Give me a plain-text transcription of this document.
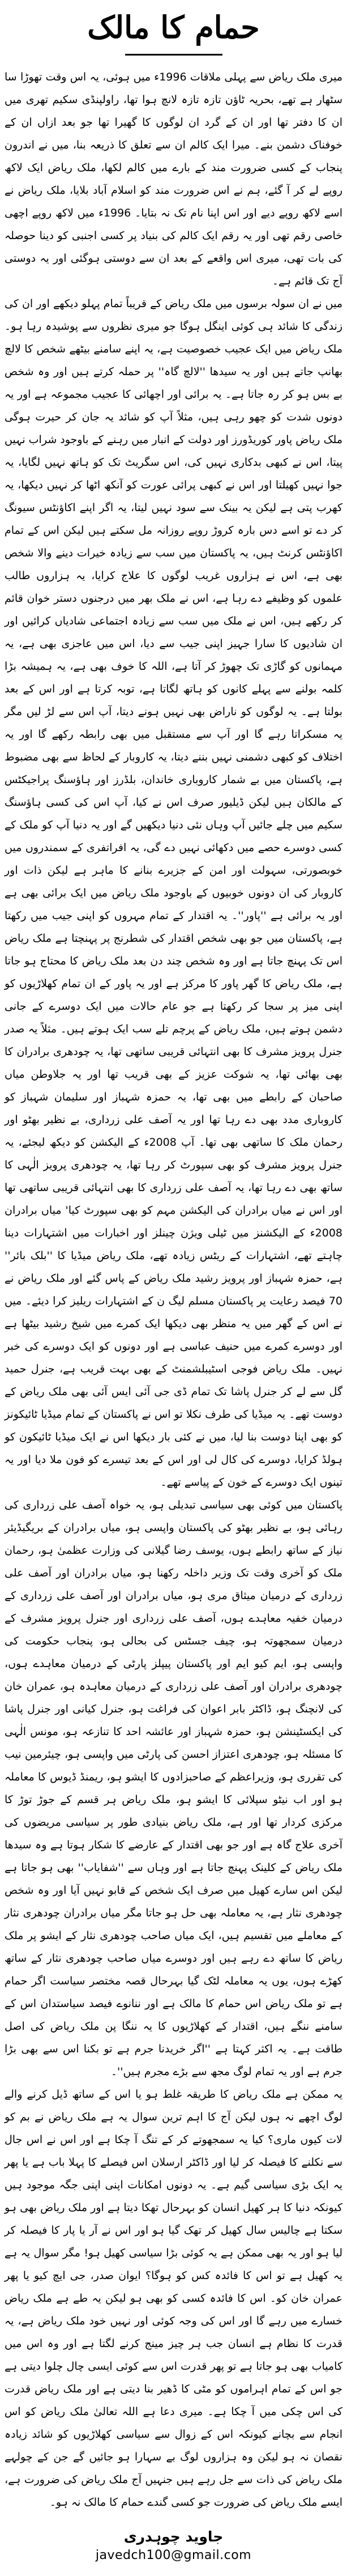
حمام کا مالک

میری ملک ریاض سے پہلی ملاقات 1996ء میں ہوئی، یہ اس وقت تھوڑا سا سٹھار ہے تھے، بحریہ ٹاؤن تازہ تازہ لانچ ہوا تھا، راولپنڈی سکیم تھری میں ان کا دفتر تھا اور ان کے گرد ان لوگوں کا گھیرا تھا جو بعد ازاں ان کے خوفناک دشمن بنے۔ میرا ایک کالم ان سے تعلق کا ذریعہ بنا، میں نے اندرون پنجاب کے کسی ضرورت مند کے بارے میں کالم لکھا، ملک ریاض ایک لاکھ روپے لے کر آ گئے، ہم نے اس ضرورت مند کو اسلام آباد بلایا، ملک ریاض نے اسے لاکھ روپے دیے اور اس اپنا نام تک نہ بتایا۔ 1996ء میں لاکھ روپے اچھی خاصی رقم تھی اور یہ رقم ایک کالم کی بنیاد پر کسی اجنبی کو دینا حوصلہ کی بات تھی، میری اس واقعے کے بعد ان سے دوستی ہوگئی اور یہ دوستی آج تک قائم ہے۔

میں نے ان سولہ برسوں میں ملک ریاض کے قریباً تمام پہلو دیکھے اور ان کی زندگی کا شائد ہی کوئی اینگل ہوگا جو میری نظروں سے پوشیدہ رہا ہو۔ ملک ریاض میں ایک عجیب خصوصیت ہے، یہ اپنے سامنے بیٹھے شخص کا لالچ بھانپ جاتے ہیں اور یہ سیدھا ''لالچ گاہ'' پر حملہ کرتے ہیں اور وہ شخص بے بس ہو کر رہ جاتا ہے۔ یہ برائی اور اچھائی کا عجیب مجموعہ ہے اور یہ دونوں شدت کو چھو رہی ہیں، مثلاً آپ کو شائد یہ جان کر حیرت ہوگی ملک ریاض پاور کوریڈورز اور دولت کے انبار میں رہنے کے باوجود شراب نہیں پیتا، اس نے کبھی بدکاری نہیں کی، اس سگریٹ تک کو ہاتھ نہیں لگایا، یہ جوا نہیں کھیلتا اور اس نے کبھی پرائی عورت کو آنکھ اٹھا کر نہیں دیکھا، یہ کھرب پتی ہے لیکن یہ بینک سے سود نہیں لیتا، یہ اگر اپنے اکاؤنٹس سیونگ کر دے تو اسے دس بارہ کروڑ روپے روزانہ مل سکتے ہیں لیکن اس کے تمام اکاؤنٹس کرنٹ ہیں، یہ پاکستان میں سب سے زیادہ خیرات دینے والا شخص بھی ہے، اس نے ہزاروں غریب لوگوں کا علاج کرایا، یہ ہزاروں طالب علموں کو وظیفے دے رہا ہے، اس نے ملک بھر میں درجنوں دستر خوان قائم کر رکھے ہیں، اس نے ملک میں سب سے زیادہ اجتماعی شادیاں کرائیں اور ان شادیوں کا سارا جہیز اپنی جیب سے دیا، اس میں عاجزی بھی ہے، یہ مہمانوں کو گاڑی تک چھوڑ کر آتا ہے، اللہ کا خوف بھی ہے، یہ ہمیشہ بڑا کلمہ بولنے سے پہلے کانوں کو ہاتھ لگاتا ہے، توبہ کرتا ہے اور اس کے بعد بولتا ہے۔ یہ لوگوں کو ناراض بھی نہیں ہونے دیتا، آپ اس سے لڑ لیں مگر یہ مسکراتا رہے گا اور آپ سے مستقبل میں بھی رابطہ رکھے گا اور یہ اختلاف کو کبھی دشمنی نہیں بننے دیتا، یہ کاروبار کے لحاظ سے بھی مضبوط ہے، پاکستان میں بے شمار کاروباری خاندان، بلڈرز اور ہاؤسنگ پراجیکٹس کے مالکان ہیں لیکن ڈیلیور صرف اس نے کیا، آپ اس کی کسی ہاؤسنگ سکیم میں چلے جائیں آپ وہاں نئی دنیا دیکھیں گے اور یہ دنیا آپ کو ملک کے کسی دوسرے حصے میں دکھائی نہیں دے گی، یہ افراتفری کے سمندروں میں خوبصورتی، سہولت اور امن کے جزیرے بنانے کا ماہر ہے لیکن ذات اور کاروبار کی ان دونوں خوبیوں کے باوجود ملک ریاض میں ایک برائی بھی ہے اور یہ برائی ہے ''پاور''۔ یہ اقتدار کے تمام مہروں کو اپنی جیب میں رکھتا ہے، پاکستان میں جو بھی شخص اقتدار کی شطرنج پر پہنچتا ہے ملک ریاض اس تک پہنچ جاتا ہے اور وہ شخص چند دن بعد ملک ریاض کا محتاج ہو جاتا ہے، ملک ریاض کا گھر پاور کا مرکز ہے اور یہ پاور کے ان تمام کھلاڑیوں کو اپنی میز پر سجا کر رکھتا ہے جو عام حالات میں ایک دوسرے کے جانی دشمن ہوتے ہیں، ملک ریاض کے پرچم تلے سب ایک ہوتے ہیں۔ مثلاً یہ صدر جنرل پرویز مشرف کا بھی انتہائی قریبی ساتھی تھا، یہ چودھری برادران کا بھی بھائی تھا، یہ شوکت عزیز کے بھی قریب تھا اور یہ جلاوطن میاں صاحبان کے رابطے میں بھی تھا، یہ حمزہ شہباز اور سلیمان شہباز کو کاروباری مدد بھی دے رہا تھا اور یہ آصف علی زرداری، بے نظیر بھٹو اور رحمان ملک کا ساتھی بھی تھا۔ آپ 2008ء کے الیکشن کو دیکھ لیجئے، یہ جنرل پرویز مشرف کو بھی سپورٹ کر رہا تھا، یہ چودھری پرویز الٰہی کا ساتھ بھی دے رہا تھا، یہ آصف علی زرداری کا بھی انتہائی قریبی ساتھی تھا اور اس نے میاں برادران کی الیکشن مہم کو بھی سپورٹ کیا' میاں برادران 2008ء کے الیکشنز میں ٹیلی ویژن چینلز اور اخبارات میں اشتہارات دینا چاہتے تھے، اشتہارات کے ریٹس زیادہ تھے، ملک ریاض میڈیا کا ''بلک بائر'' ہے، حمزہ شہباز اور پرویز رشید ملک ریاض کے پاس گئے اور ملک ریاض نے 70 فیصد رعایت پر پاکستان مسلم لیگ ن کے اشتہارات ریلیز کرا دیئے۔ میں نے اس کے گھر میں یہ منظر بھی دیکھا ایک کمرے میں شیخ رشید بیٹھا ہے اور دوسرے کمرے میں حنیف عباسی ہے اور دونوں کو ایک دوسرے کی خبر نہیں۔ ملک ریاض فوجی اسٹیبلشمنٹ کے بھی بہت قریب ہے، جنرل حمید گل سے لے کر جنرل پاشا تک تمام ڈی جی آئی ایس آئی بھی ملک ریاض کے دوست تھے۔ یہ میڈیا کی طرف نکلا تو اس نے پاکستان کے تمام میڈیا ٹائیکونز کو بھی اپنا دوست بنا لیا، میں نے کئی بار دیکھا اس نے ایک میڈیا ٹائیکون کو ہولڈ کرایا، دوسرے کی کال لی اور اس کے بعد تیسرے کو فون ملا دیا اور یہ تینوں ایک دوسرے کے خون کے پیاسے تھے۔

پاکستان میں کوئی بھی سیاسی تبدیلی ہو، یہ خواہ آصف علی زرداری کی رہائی ہو، بے نظیر بھٹو کی پاکستان واپسی ہو، میاں برادران کے بریگیڈیئر نیاز کے ساتھ رابطے ہوں، یوسف رضا گیلانی کی وزارت عظمیٰ ہو، رحمان ملک کو آخری وقت تک وزیر داخلہ رکھنا ہو، میاں برادران اور آصف علی زرداری کے درمیان میثاق مری ہو، میاں برادران اور آصف علی زرداری کے درمیان خفیہ معاہدے ہوں، آصف علی زرداری اور جنرل پرویز مشرف کے درمیان سمجھوتہ ہو، چیف جسٹس کی بحالی ہو، پنجاب حکومت کی واپسی ہو، ایم کیو ایم اور پاکستان پیپلز پارٹی کے درمیان معاہدے ہوں، چودھری برادران اور آصف علی زرداری کے درمیان معاہدہ ہو، عمران خان کی لانچنگ ہو، ڈاکٹر بابر اعوان کی فراغت ہو، جنرل کیانی اور جنرل پاشا کی ایکسٹینشن ہو، حمزہ شہباز اور عائشہ احد کا تنازعہ ہو، مونس الٰہی کا مسئلہ ہو، چودھری اعتزاز احسن کی پارٹی میں واپسی ہو، چیئرمین نیب کی تقرری ہو، وزیراعظم کے صاحبزادوں کا ایشو ہو، ریمنڈ ڈیوس کا معاملہ ہو اور اب نیٹو سپلائی کا ایشو ہو، ملک ریاض ہر قسم کے جوڑ توڑ کا مرکزی کردار تھا اور ہے، ملک ریاض بنیادی طور پر سیاسی مریضوں کی آخری علاج گاہ ہے اور جو بھی اقتدار کے عارضے کا شکار ہوتا ہے وہ سیدھا ملک ریاض کے کلینک پہنچ جاتا ہے اور وہاں سے ''شفایاب'' بھی ہو جاتا ہے لیکن اس سارے کھیل میں صرف ایک شخص کے قابو نہیں آیا اور وہ شخص چودھری نثار ہے، یہ معاملہ بھی حل ہو جاتا مگر میاں برادران چودھری نثار کے معاملے میں تقسیم ہیں، ایک میاں صاحب چودھری نثار کے ایشو پر ملک ریاض کا ساتھ دے رہے ہیں اور دوسرے میاں صاحب چودھری نثار کے ساتھ کھڑے ہوں، یوں یہ معاملہ لٹک گیا بہرحال قصہ مختصر سیاست اگر حمام ہے تو ملک ریاض اس حمام کا مالک ہے اور ننانوے فیصد سیاستدان اس کے سامنے ننگے ہیں، اقتدار کے کھلاڑیوں کا یہ ننگا پن ملک ریاض کی اصل طاقت ہے۔ یہ اکثر کہتا ہے ''اگر خریدنا جرم ہے تو بکنا اس سے بھی بڑا جرم ہے اور یہ تمام لوگ مجھ سے بڑے مجرم ہیں''۔

یہ ممکن ہے ملک ریاض کا طریقہ غلط ہو یا اس کے ساتھ ڈیل کرنے والے لوگ اچھے نہ ہوں لیکن آج کا اہم ترین سوال یہ ہے ملک ریاض نے بم کو لات کیوں ماری؟ کیا یہ سمجھوتے کر کے تنگ آ چکا ہے اور اس نے اس جال سے نکلنے کا فیصلہ کر لیا اور ڈاکٹر ارسلان اس فیصلے کا پہلا باب ہے یا پھر یہ ایک بڑی سیاسی گیم ہے۔ یہ دونوں امکانات اپنی اپنی جگہ موجود ہیں کیونکہ دنیا کا ہر کھیل انسان کو بہرحال تھکا دیتا ہے اور ملک ریاض بھی ہو سکتا ہے چالیس سال کھیل کر تھک گیا ہو اور اس نے آر یا پار کا فیصلہ کر لیا ہو اور یہ بھی ممکن ہے یہ کوئی بڑا سیاسی کھیل ہو! مگر سوال یہ ہے یہ کھیل ہے تو اس کا فائدہ کس کو ہوگا؟ ایوان صدر، جی ایچ کیو یا پھر عمران خان کو۔ اس کا فائدہ کسی کو بھی ہو لیکن یہ طے ہے ملک ریاض خسارے میں رہے گا اور اس کی وجہ کوئی اور نہیں خود ملک ریاض ہے، یہ قدرت کا نظام ہے انسان جب ہر چیز مینج کرنے لگتا ہے اور وہ اس میں کامیاب بھی ہو جاتا ہے تو پھر قدرت اس سے کوئی ایسی چال چلوا دیتی ہے جو اس کے تمام اہراموں کو مٹی کا ڈھیر بنا دیتی ہے اور ملک ریاض قدرت کی اس چکی میں آ چکا ہے۔ میری دعا ہے اللہ تعالیٰ ملک ریاض کو اس انجام سے بچانے کیونکہ اس کے زوال سے سیاسی کھلاڑیوں کو شائد زیادہ نقصان نہ ہو لیکن وہ ہزاروں لوگ بے سہارا ہو جائیں گے جن کے چولہے ملک ریاض کی ذات سے جل رہے ہیں جنہیں آج ملک ریاض کی ضرورت ہے، ایسے ملک ریاض کی ضرورت جو کسی گندے حمام کا مالک نہ ہو۔

جاوید چوہدری
javedch100@gmail.com
